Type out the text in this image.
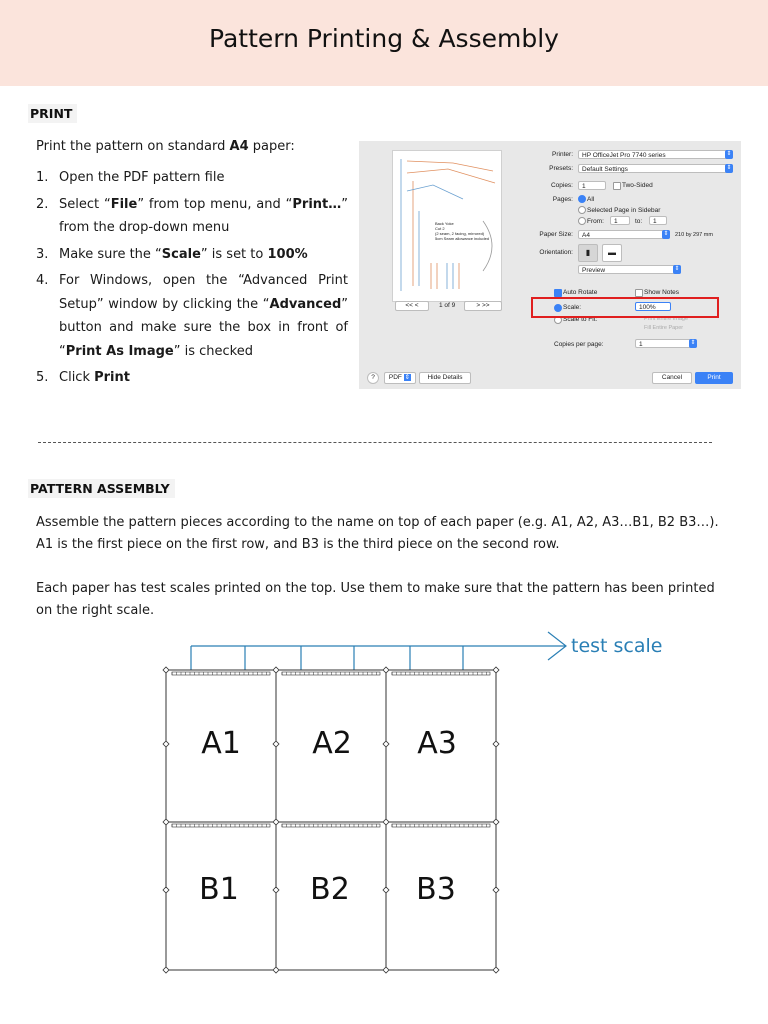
Pattern Printing & Assembly
PRINT
Print the pattern on standard A4 paper:
1. Open the PDF pattern file
2. Select “File” from top menu, and “Print…” from the drop-down menu
3. Make sure the “Scale” is set to 100%
4. For Windows, open the “Advanced Print Setup” window by clicking the “Advanced” button and make sure the box in front of “Print As Image” is checked
5. Click Print
Back Yoke
Cut 2
(2 seam, 2 facing, mirrored)
5cm Seam allowance included
<< <	1 of 9	> >>
Printer:	HP OfficeJet Pro 7740 series	⇕
Presets:	Default Settings	⇕
Copies:	1	Two-Sided
Pages: All
Selected Page in Sidebar
From:	1	to:	1
Paper Size:	A4	⇕ 210 by 297 mm
Orientation:	▮	▬
Preview	⇕
Auto Rotate	Show Notes
Scale:	100%
Scale to Fit:	Print Entire Image
Fill Entire Paper
Copies per page:	1	⇕
?	PDF ⇕	Hide Details	Cancel	Print
PATTERN ASSEMBLY
Assemble the pattern pieces according to the name on top of each paper (e.g. A1, A2, A3…B1, B2 B3…). A1 is the first piece on the first row, and B3 is the third piece on the second row.
Each paper has test scales printed on the top. Use them to make sure that the pattern has been printed on the right scale.
test scale
A1 A2 A3
B1 B2 B3
